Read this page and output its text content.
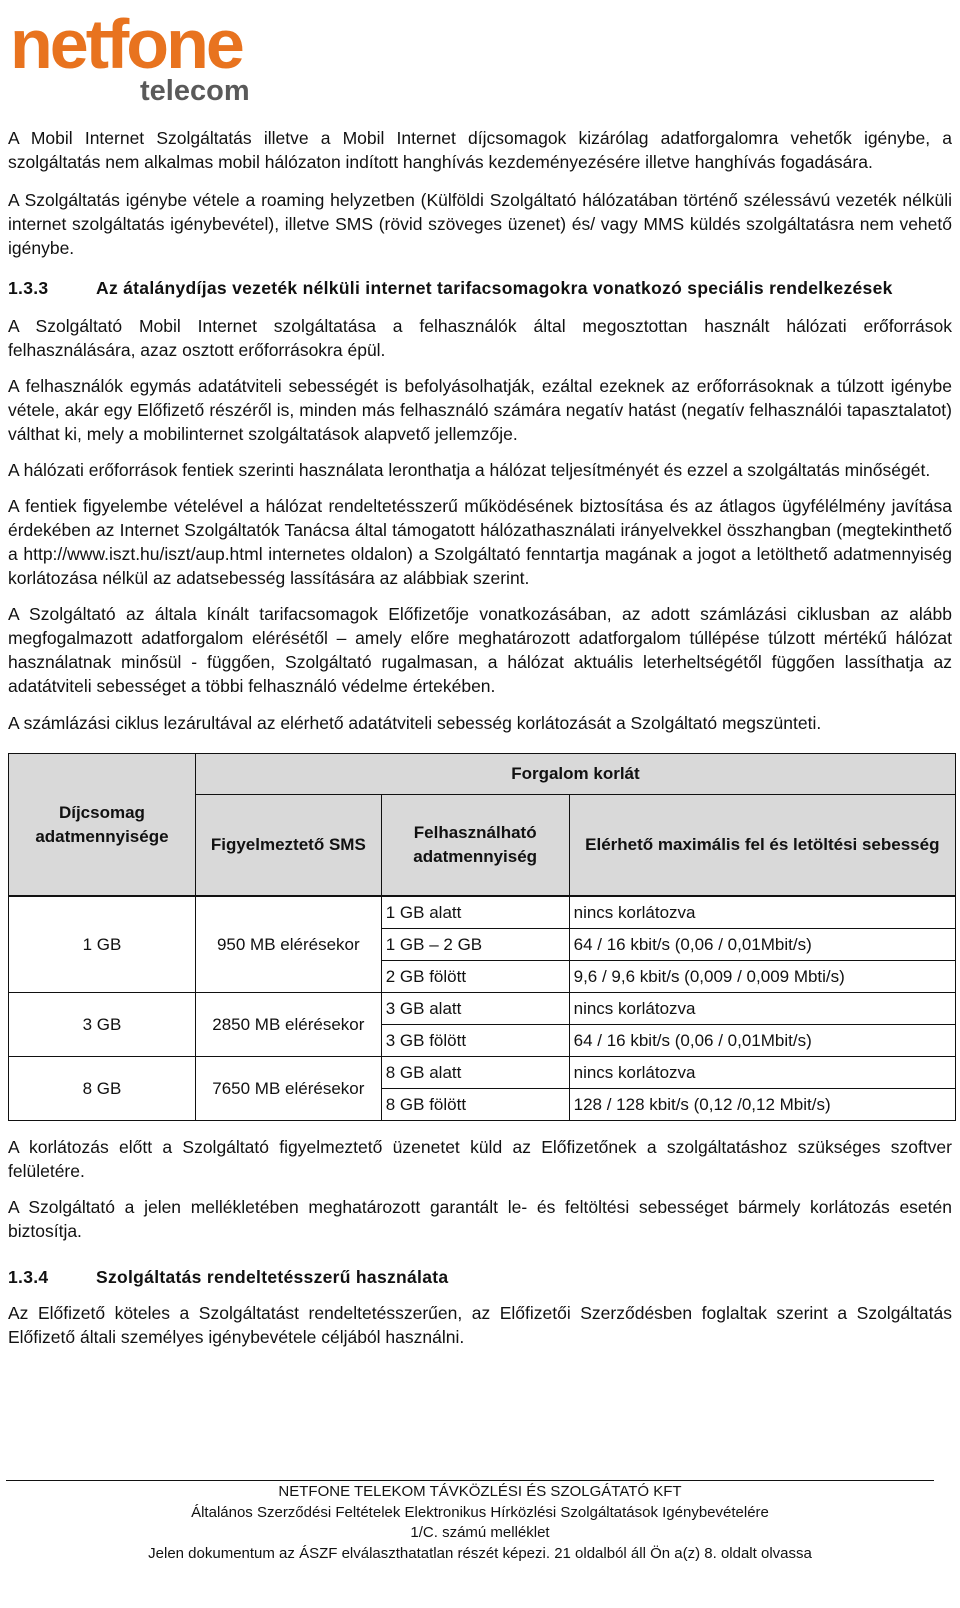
netfone
telecom

A Mobil Internet Szolgáltatás illetve a Mobil Internet díjcsomagok kizárólag adatforgalomra vehetők igénybe, a szolgáltatás nem alkalmas mobil hálózaton indított hanghívás kezdeményezésére illetve hanghívás fogadására.

A Szolgáltatás igénybe vétele a roaming helyzetben (Külföldi Szolgáltató hálózatában történő szélessávú vezeték nélküli internet szolgáltatás igénybevétel), illetve SMS (rövid szöveges üzenet) és/ vagy MMS küldés szolgáltatásra nem vehető igénybe.

1.3.3	Az átalánydíjas vezeték nélküli internet tarifacsomagokra vonatkozó speciális rendelkezések

A Szolgáltató Mobil Internet szolgáltatása a felhasználók által megosztottan használt hálózati erőforrások felhasználására, azaz osztott erőforrásokra épül.

A felhasználók egymás adatátviteli sebességét is befolyásolhatják, ezáltal ezeknek az erőforrásoknak a túlzott igénybe vétele, akár egy Előfizető részéről is, minden más felhasználó számára negatív hatást (negatív felhasználói tapasztalatot) válthat ki, mely a mobilinternet szolgáltatások alapvető jellemzője.

A hálózati erőforrások fentiek szerinti használata leronthatja a hálózat teljesítményét és ezzel a szolgáltatás minőségét.

A fentiek figyelembe vételével a hálózat rendeltetésszerű működésének biztosítása és az átlagos ügyfélélmény javítása érdekében az Internet Szolgáltatók Tanácsa által támogatott hálózathasználati irányelvekkel összhangban (megtekinthető a http://www.iszt.hu/iszt/aup.html internetes oldalon) a Szolgáltató fenntartja magának a jogot a letölthető adatmennyiség korlátozása nélkül az adatsebesség lassítására az alábbiak szerint.

A Szolgáltató az általa kínált tarifacsomagok Előfizetője vonatkozásában, az adott számlázási ciklusban az alább megfogalmazott adatforgalom elérésétől – amely előre meghatározott adatforgalom túllépése túlzott mértékű hálózat használatnak minősül - függően, Szolgáltató rugalmasan, a hálózat aktuális leterheltségétől függően lassíthatja az adatátviteli sebességet a többi felhasználó védelme értekében.

A számlázási ciklus lezárultával az elérhető adatátviteli sebesség korlátozását a Szolgáltató megszünteti.

Díjcsomag adatmennyisége	Forgalom korlát		
	Figyelmeztető SMS	Felhasználható adatmennyiség	Elérhető maximális fel és letöltési sebesség

1 GB	950 MB elérésekor	1 GB alatt	nincs korlátozva
		1 GB – 2 GB	64 / 16 kbit/s (0,06 / 0,01Mbit/s)
		2 GB fölött	9,6 / 9,6 kbit/s (0,009 / 0,009 Mbti/s)
3 GB	2850 MB elérésekor	3 GB alatt	nincs korlátozva
		3 GB fölött	64 / 16 kbit/s (0,06 / 0,01Mbit/s)
8 GB	7650 MB elérésekor	8 GB alatt	nincs korlátozva
		8 GB fölött	128 / 128 kbit/s (0,12 /0,12 Mbit/s)

A korlátozás előtt a Szolgáltató figyelmeztető üzenetet küld az Előfizetőnek a szolgáltatáshoz szükséges szoftver felületére.

A Szolgáltató a jelen mellékletében meghatározott garantált le- és feltöltési sebességet bármely korlátozás esetén biztosítja.

1.3.4	Szolgáltatás rendeltetésszerű használata

Az Előfizető köteles a Szolgáltatást rendeltetésszerűen, az Előfizetői Szerződésben foglaltak szerint a Szolgáltatás Előfizető általi személyes igénybevétele céljából használni.

NETFONE TELEKOM TÁVKÖZLÉSI ÉS SZOLGÁTATÓ KFT
Általános Szerződési Feltételek Elektronikus Hírközlési Szolgáltatások Igénybevételére
1/C. számú melléklet
Jelen dokumentum az ÁSZF elválaszthatatlan részét képezi. 21 oldalból áll Ön a(z) 8. oldalt olvassa
